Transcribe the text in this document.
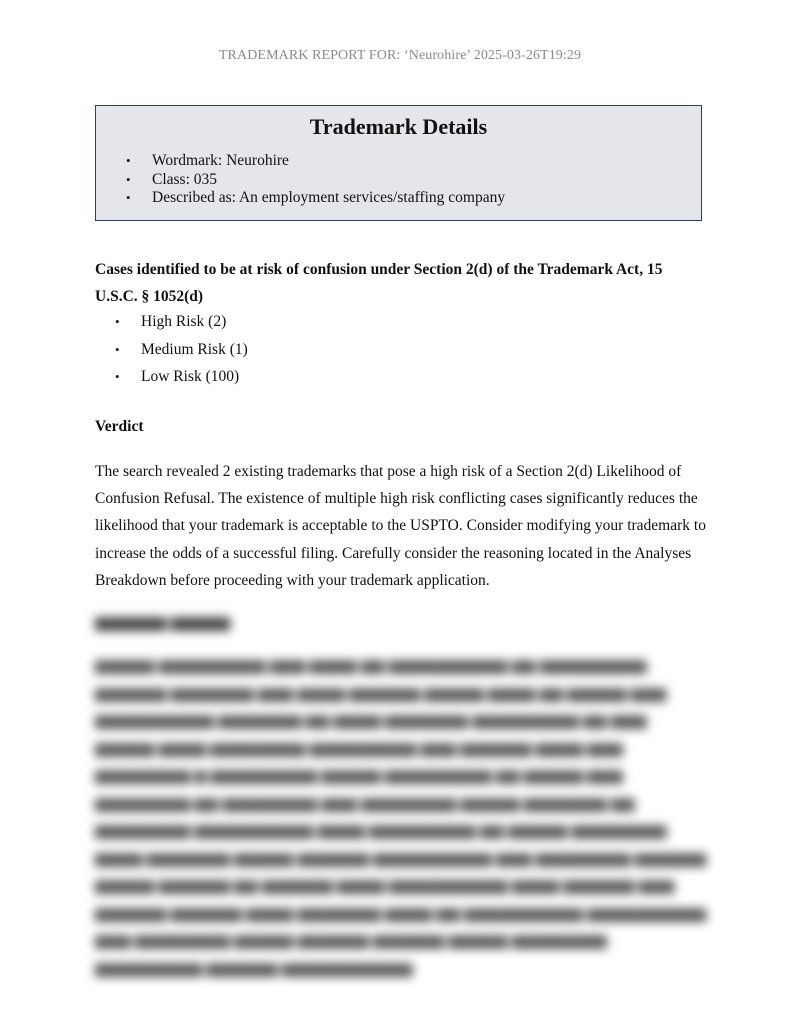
TRADEMARK REPORT FOR: ‘Neurohire’ 2025-03-26T19:29
Trademark Details
• Wordmark: Neurohire
• Class: 035
• Described as: An employment services/staffing company
Cases identified to be at risk of confusion under Section 2(d) of the Trademark Act, 15 U.S.C. § 1052(d)
• High Risk (2)
• Medium Risk (1)
• Low Risk (100)
Verdict
The search revealed 2 existing trademarks that pose a high risk of a Section 2(d) Likelihood of Confusion Refusal. The existence of multiple high risk conflicting cases significantly reduces the likelihood that your trademark is acceptable to the USPTO. Consider modifying your trademark to increase the odds of a successful filing. Carefully consider the reasoning located in the Analyses Breakdown before proceeding with your trademark application.
▆▆▆▆▆▆ ▆▆▆▆▆
▆▆▆▆▆ ▆▆▆▆▆▆▆▆▆ ▆▆▆ ▆▆▆▆ ▆▆ ▆▆▆▆▆▆▆▆▆▆ ▆▆ ▆▆▆▆▆▆▆▆▆ ▆▆▆▆▆▆ ▆▆▆▆▆▆▆ ▆▆▆ ▆▆▆▆ ▆▆▆▆▆▆ ▆▆▆▆▆ ▆▆▆▆ ▆▆ ▆▆▆▆▆ ▆▆▆ ▆▆▆▆▆▆▆▆▆▆ ▆▆▆▆▆▆▆ ▆▆ ▆▆▆▆ ▆▆▆▆▆▆▆ ▆▆▆▆▆▆▆▆▆ ▆▆ ▆▆▆ ▆▆▆▆▆ ▆▆▆▆ ▆▆▆▆▆▆▆▆ ▆▆▆▆▆▆▆▆▆ ▆▆▆ ▆▆▆▆▆▆ ▆▆▆▆ ▆▆▆ ▆▆▆▆▆▆▆▆ ▆ ▆▆▆▆▆▆▆▆▆ ▆▆▆▆▆ ▆▆▆▆▆▆▆▆▆ ▆▆ ▆▆▆▆▆ ▆▆▆ ▆▆▆▆▆▆▆▆ ▆▆ ▆▆▆▆▆▆▆▆ ▆▆▆ ▆▆▆▆▆▆▆▆ ▆▆▆▆▆ ▆▆▆▆▆▆▆ ▆▆ ▆▆▆▆▆▆▆▆ ▆▆▆▆▆▆▆▆▆▆ ▆▆▆▆ ▆▆▆▆▆▆▆▆▆ ▆▆ ▆▆▆▆▆ ▆▆▆▆▆▆▆▆ ▆▆▆▆ ▆▆▆▆▆▆▆ ▆▆▆▆▆ ▆▆▆▆▆▆ ▆▆▆▆▆▆▆▆▆▆ ▆▆▆ ▆▆▆▆▆▆▆▆ ▆▆▆▆▆▆ ▆▆▆▆▆ ▆▆▆▆▆▆ ▆▆ ▆▆▆▆▆▆ ▆▆▆▆ ▆▆▆▆▆▆▆▆▆▆ ▆▆▆▆ ▆▆▆▆▆▆ ▆▆▆ ▆▆▆▆▆▆ ▆▆▆▆▆▆ ▆▆▆▆ ▆▆▆▆▆▆▆ ▆▆▆▆ ▆▆ ▆▆▆▆▆▆▆▆▆▆ ▆▆▆▆▆▆▆▆▆▆ ▆▆▆ ▆▆▆▆▆▆▆▆ ▆▆▆▆▆ ▆▆▆▆▆▆ ▆▆▆▆▆▆ ▆▆▆▆▆ ▆▆▆▆▆▆▆▆ ▆▆▆▆▆▆▆▆▆ ▆▆▆▆▆▆ ▆▆▆▆▆▆▆▆▆▆▆
